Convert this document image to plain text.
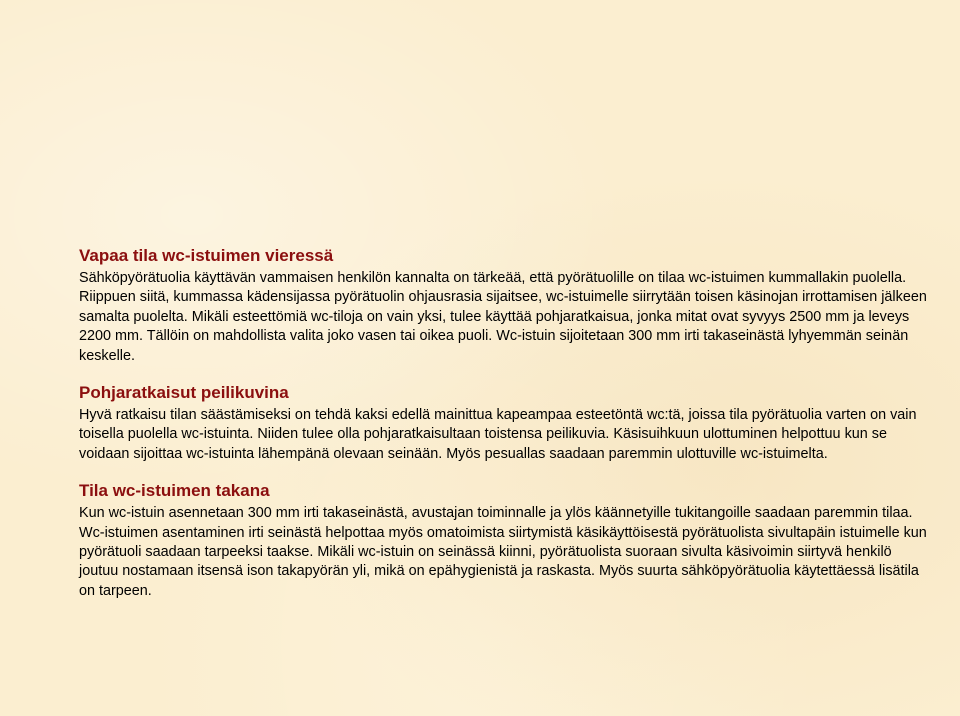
Vapaa tila wc-istuimen vieressä

Sähköpyörätuolia käyttävän vammaisen henkilön kannalta on tärkeää, että pyörätuolille on tilaa wc-istuimen kummallakin puolella. Riippuen siitä, kummassa kädensijassa pyörätuolin ohjausrasia sijaitsee, wc-istuimelle siirrytään toisen käsinojan irrottamisen jälkeen samalta puolelta. Mikäli esteettömiä wc-tiloja on vain yksi, tulee käyttää pohjaratkaisua, jonka mitat ovat syvyys 2500 mm ja leveys 2200 mm. Tällöin on mahdollista valita joko vasen tai oikea puoli. Wc-istuin sijoitetaan 300 mm irti takaseinästä lyhyemmän seinän keskelle.

Pohjaratkaisut peilikuvina

Hyvä ratkaisu tilan säästämiseksi on tehdä kaksi edellä mainittua kapeampaa esteetöntä wc:tä, joissa tila pyörätuolia varten on vain toisella puolella wc-istuinta. Niiden tulee olla pohjaratkaisultaan toistensa peilikuvia. Käsisuihkuun ulottuminen helpottuu kun se voidaan sijoittaa wc-istuinta lähempänä olevaan seinään. Myös pesuallas saadaan paremmin ulottuville wc-istuimelta.

Tila wc-istuimen takana

Kun wc-istuin asennetaan 300 mm irti takaseinästä, avustajan toiminnalle ja ylös käännetyille tukitangoille saadaan paremmin tilaa. Wc-istuimen asentaminen irti seinästä helpottaa myös omatoimista siirtymistä käsikäyttöisestä pyörätuolista sivultapäin istuimelle kun pyörätuoli saadaan tarpeeksi taakse. Mikäli wc-istuin on seinässä kiinni, pyörätuolista suoraan sivulta käsivoimin siirtyvä henkilö joutuu nostamaan itsensä ison takapyörän yli, mikä on epähygienistä ja raskasta. Myös suurta sähköpyörätuolia käytettäessä lisätila on tarpeen.
